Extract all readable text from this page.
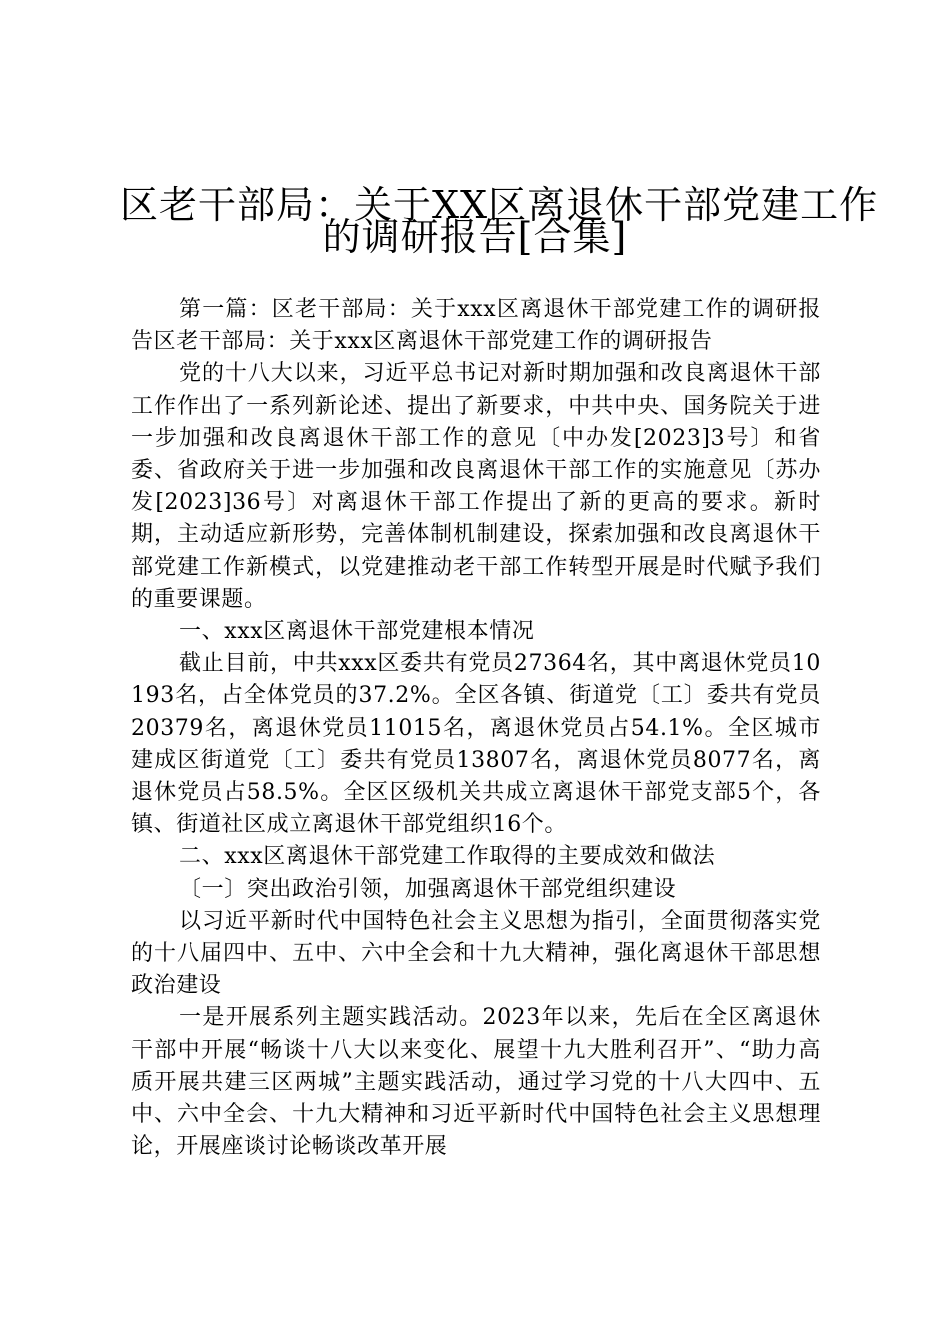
区老干部局：关于XX区离退休干部党建工作
的调研报告[合集]

第一篇：区老干部局：关于xxx区离退休干部党建工作的调研报告区老干部局：关于xxx区离退休干部党建工作的调研报告

党的十八大以来，习近平总书记对新时期加强和改良离退休干部工作作出了一系列新论述、提出了新要求，中共中央、国务院关于进一步加强和改良离退休干部工作的意见〔中办发[2023]3号〕和省委、省政府关于进一步加强和改良离退休干部工作的实施意见〔苏办发[2023]36号〕对离退休干部工作提出了新的更高的要求。新时期，主动适应新形势，完善体制机制建设，探索加强和改良离退休干部党建工作新模式，以党建推动老干部工作转型开展是时代赋予我们的重要课题。

一、xxx区离退休干部党建根本情况

截止目前，中共xxx区委共有党员27364名，其中离退休党员10193名，占全体党员的37.2%。全区各镇、街道党〔工〕委共有党员20379名，离退休党员11015名，离退休党员占54.1%。全区城市建成区街道党〔工〕委共有党员13807名，离退休党员8077名，离退休党员占58.5%。全区区级机关共成立离退休干部党支部5个，各镇、街道社区成立离退休干部党组织16个。

二、xxx区离退休干部党建工作取得的主要成效和做法

〔一〕突出政治引领，加强离退休干部党组织建设

以习近平新时代中国特色社会主义思想为指引，全面贯彻落实党的十八届四中、五中、六中全会和十九大精神，强化离退休干部思想政治建设

一是开展系列主题实践活动。2023年以来，先后在全区离退休干部中开展“畅谈十八大以来变化、展望十九大胜利召开”、“助力高质开展共建三区两城”主题实践活动，通过学习党的十八大四中、五中、六中全会、十九大精神和习近平新时代中国特色社会主义思想理论，开展座谈讨论畅谈改革开展
